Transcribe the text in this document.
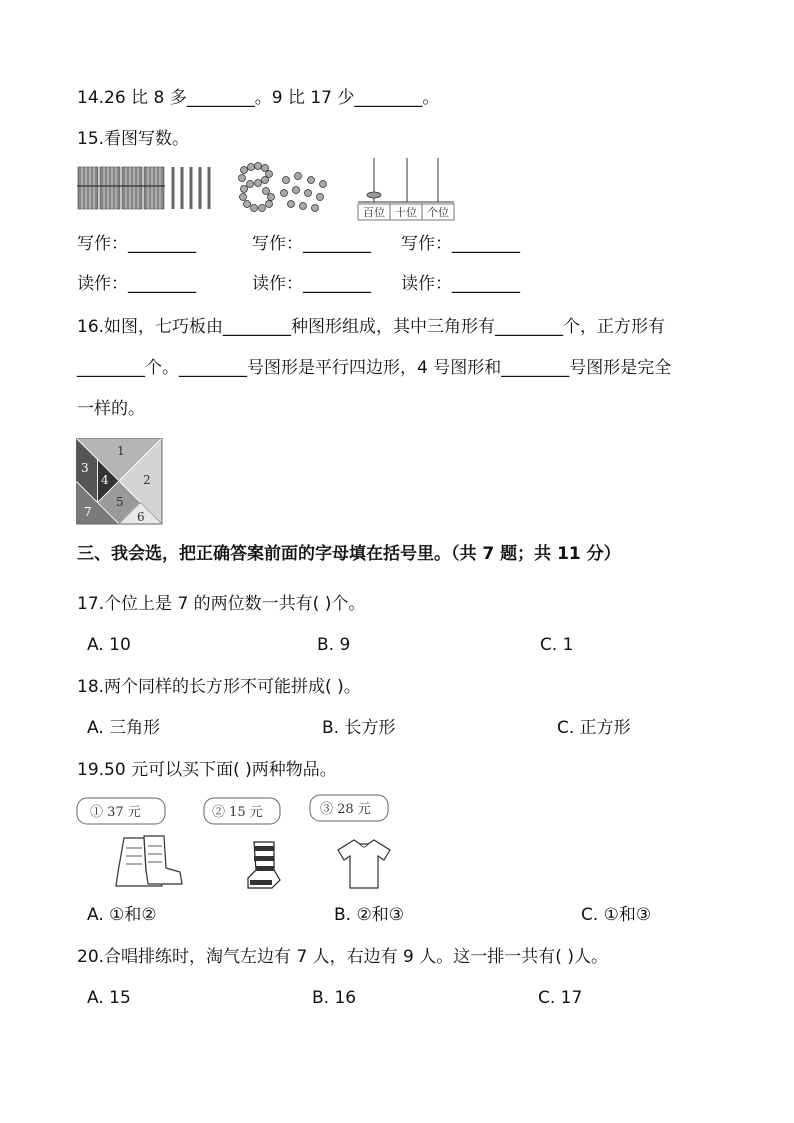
14.26 比 8 多________。9 比 17 少________。
15.看图写数。
百位 十位 个位
写作：________	写作：________ 写作：________
读作：________	读作：________ 读作：________
16.如图，七巧板由________种图形组成，其中三角形有________个，正方形有
________个。________号图形是平行四边形，4 号图形和________号图形是完全
一样的。
1
2
3
4
5
6
7
三、我会选，把正确答案前面的字母填在括号里。（共 7 题；共 11 分）
17.个位上是 7 的两位数一共有( )个。
A. 10	B. 9	C. 1
18.两个同样的长方形不可能拼成( )。
A. 三角形	B. 长方形	C. 正方形
19.50 元可以买下面( )两种物品。
① 37 元	② 15 元	③ 28 元
A. ①和②	B. ②和③	C. ①和③
20.合唱排练时，淘气左边有 7 人，右边有 9 人。这一排一共有( )人。
A. 15	B. 16	C. 17
